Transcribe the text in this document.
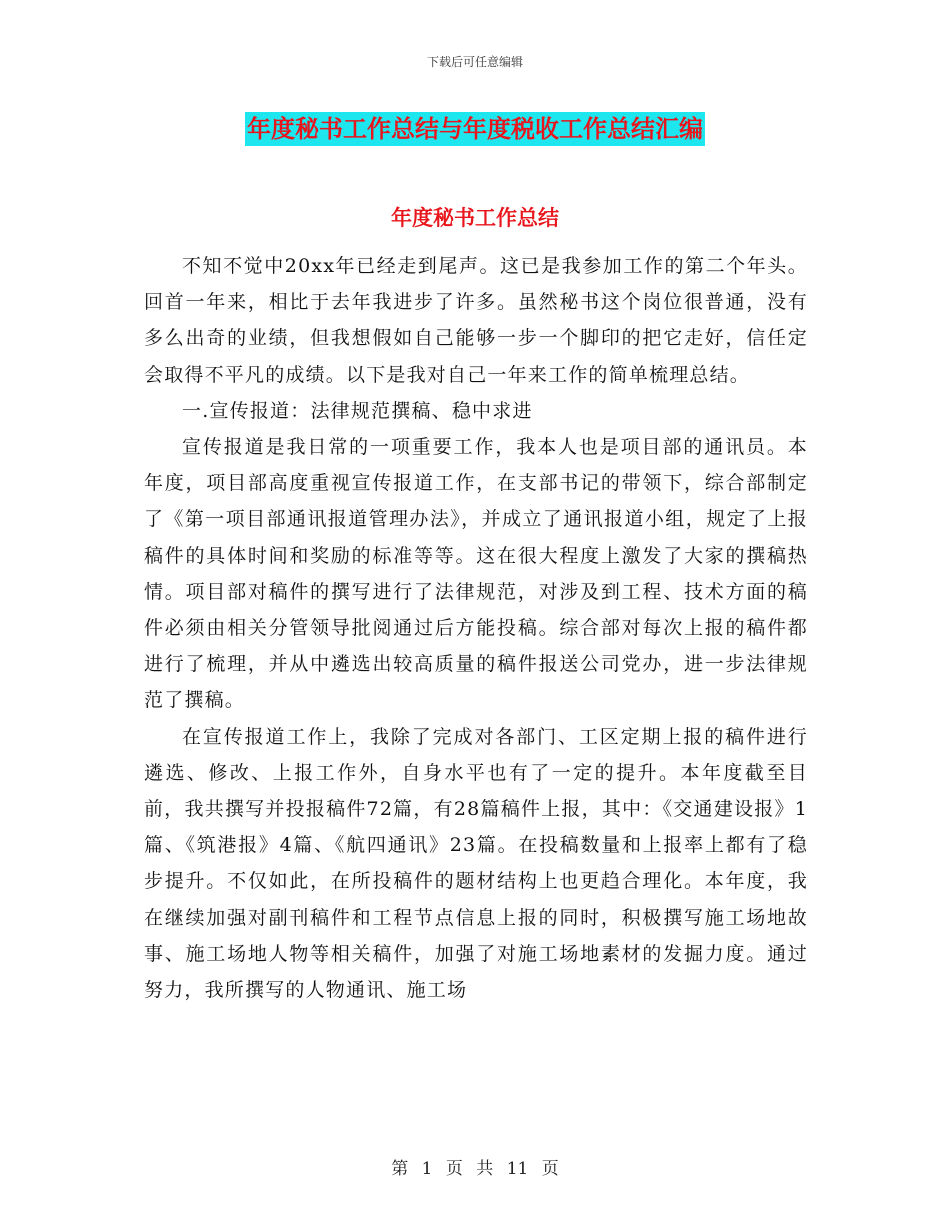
下载后可任意编辑
年度秘书工作总结与年度税收工作总结汇编
年度秘书工作总结

不知不觉中20xx年已经走到尾声。这已是我参加工作的第二个年头。回首一年来，相比于去年我进步了许多。虽然秘书这个岗位很普通，没有多么出奇的业绩，但我想假如自己能够一步一个脚印的把它走好，信任定会取得不平凡的成绩。以下是我对自己一年来工作的简单梳理总结。

一.宣传报道：法律规范撰稿、稳中求进

宣传报道是我日常的一项重要工作，我本人也是项目部的通讯员。本年度，项目部高度重视宣传报道工作，在支部书记的带领下，综合部制定了《第一项目部通讯报道管理办法》，并成立了通讯报道小组，规定了上报稿件的具体时间和奖励的标准等等。这在很大程度上激发了大家的撰稿热情。项目部对稿件的撰写进行了法律规范，对涉及到工程、技术方面的稿件必须由相关分管领导批阅通过后方能投稿。综合部对每次上报的稿件都进行了梳理，并从中遴选出较高质量的稿件报送公司党办，进一步法律规范了撰稿。

在宣传报道工作上，我除了完成对各部门、工区定期上报的稿件进行遴选、修改、上报工作外，自身水平也有了一定的提升。本年度截至目前，我共撰写并投报稿件72篇，有28篇稿件上报，其中：《交通建设报》1篇、《筑港报》4篇、《航四通讯》23篇。在投稿数量和上报率上都有了稳步提升。不仅如此，在所投稿件的题材结构上也更趋合理化。本年度，我在继续加强对副刊稿件和工程节点信息上报的同时，积极撰写施工场地故事、施工场地人物等相关稿件，加强了对施工场地素材的发掘力度。通过努力，我所撰写的人物通讯、施工场

第 1 页 共 11 页
